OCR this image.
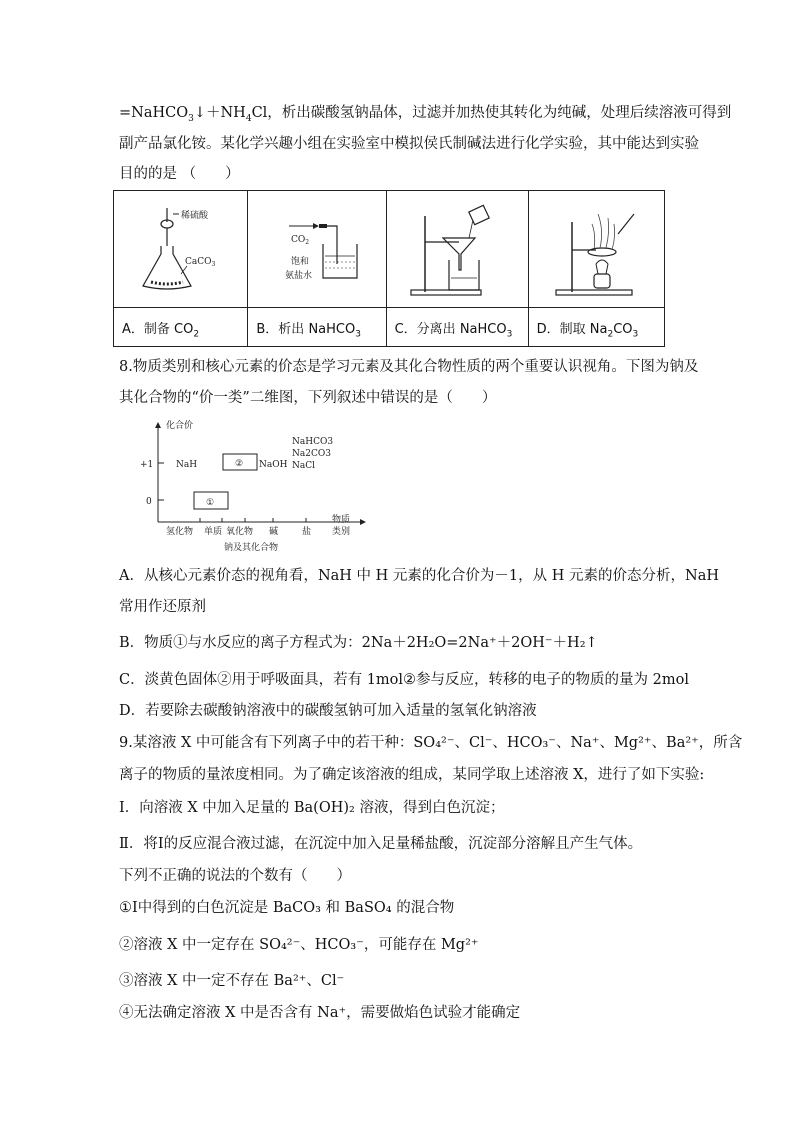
$=NaHCO_3↓+NH_4Cl$，析出碳酸氢钠晶体，过滤并加热使其转化为纯碱，处理后续溶液可得到
副产品氯化铵。某化学兴趣小组在实验室中模拟侯氏制碱法进行化学实验，其中能达到实验
目的的是 （　　）
稀硫酸
CaCO$_3$	$CO_2$
饱和
氨盐水

A．制备 $CO_2$	B．析出 NaHCO$_3$	C．分离出 NaHCO$_3$	D．制取 $Na_2CO_3$
8.物质类别和核心元素的价态是学习元素及其化合物性质的两个重要认识视角。下图为钠及
其化合物的“价一类”二维图，下列叙述中错误的是（　　）
化合价
+1
0
氢化物 单质 氧化物 碱	盐
物质
类别
钠及其化合物
NaH	② NaOH
①
NaHCO3
Na2CO3
NaCl
A．从核心元素价态的视角看，NaH 中 H 元素的化合价为－1，从 H 元素的价态分析，NaH
常用作还原剂
B．物质①与水反应的离子方程式为：2Na＋2H₂O=2Na⁺＋2OH⁻＋H₂↑
C．淡黄色固体②用于呼吸面具，若有 1mol②参与反应，转移的电子的物质的量为 2mol
D．若要除去碳酸钠溶液中的碳酸氢钠可加入适量的氢氧化钠溶液
9.某溶液 X 中可能含有下列离子中的若干种：SO₄²⁻、Cl⁻、HCO₃⁻、Na⁺、Mg²⁺、Ba²⁺，所含
离子的物质的量浓度相同。为了确定该溶液的组成，某同学取上述溶液 X，进行了如下实验:
Ⅰ．向溶液 X 中加入足量的 Ba(OH)₂ 溶液，得到白色沉淀；
Ⅱ．将Ⅰ的反应混合液过滤，在沉淀中加入足量稀盐酸，沉淀部分溶解且产生气体。
下列不正确的说法的个数有（　　）
①Ⅰ中得到的白色沉淀是 BaCO₃ 和 BaSO₄ 的混合物
②溶液 X 中一定存在 SO₄²⁻、HCO₃⁻，可能存在 Mg²⁺
③溶液 X 中一定不存在 Ba²⁺、Cl⁻
④无法确定溶液 X 中是否含有 Na⁺，需要做焰色试验才能确定
